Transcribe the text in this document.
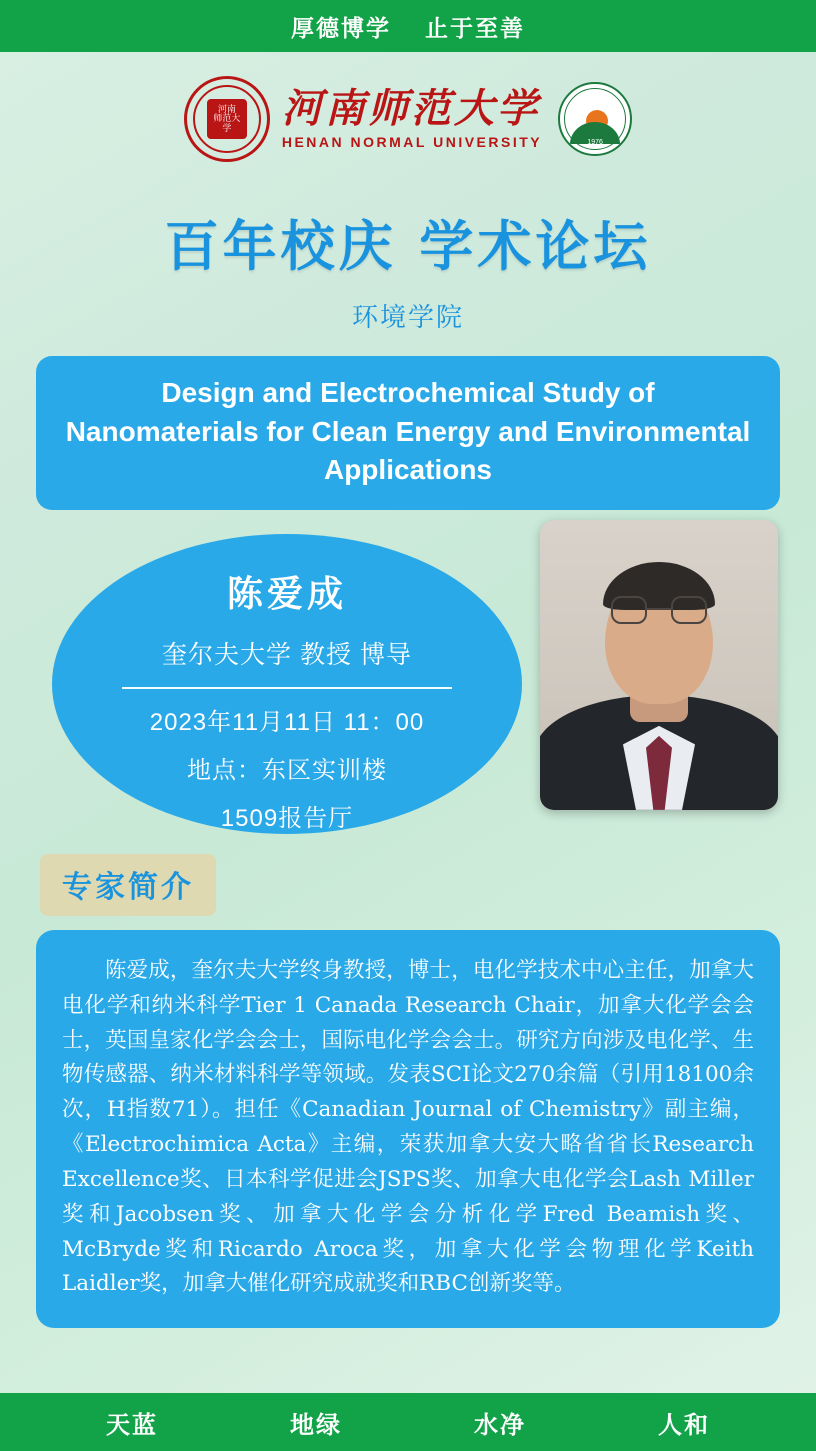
厚德博学 止于至善
河南
师范大学	河南师范大学
HENAN NORMAL UNIVERSITY	1976
百年校庆 学术论坛
环境学院
Design and Electrochemical Study of Nanomaterials for Clean Energy and Environmental Applications
陈爱成
奎尔夫大学 教授 博导
2023年11月11日 11：00
地点：东区实训楼
1509报告厅
专家简介
陈爱成，奎尔夫大学终身教授，博士，电化学技术中心主任，加拿大电化学和纳米科学Tier 1 Canada Research Chair，加拿大化学会会士，英国皇家化学会会士，国际电化学会会士。研究方向涉及电化学、生物传感器、纳米材料科学等领域。发表SCI论文270余篇（引用18100余次，H指数71）。担任《Canadian Journal of Chemistry》副主编，《Electrochimica Acta》主编，荣获加拿大安大略省省长Research Excellence奖、日本科学促进会JSPS奖、加拿大电化学会Lash Miller奖和Jacobsen奖、加拿大化学会分析化学Fred Beamish奖、McBryde奖和Ricardo Aroca奖，加拿大化学会物理化学Keith Laidler奖，加拿大催化研究成就奖和RBC创新奖等。
天蓝	地绿	水净	人和
